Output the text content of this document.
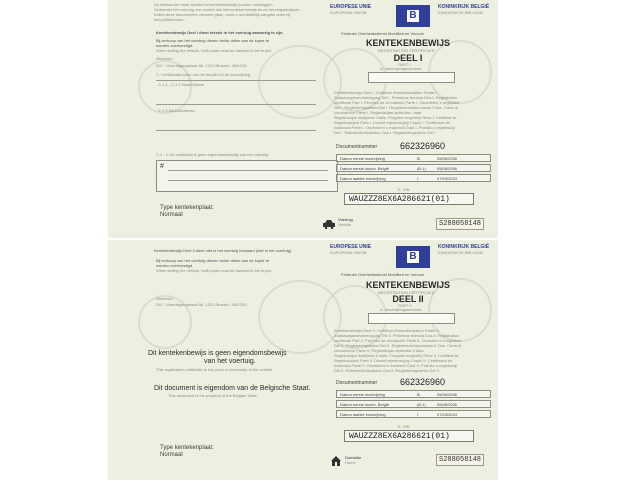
De bestuurder moet steeds het kentekenbewijs kunnen voorleggen.
Verhandel het voertuig niet zonder dat het kentekenbewijs en de keuringsbewijzen
Indien deze documenten verloren gaan, moet u onmiddellijk aangifte doen bij
het politiebureau.
EUROPESE UNIE
EUROPEAN UNION	B
KONINKRIJK BELGIË
KINGDOM OF BELGIUM
Kentekenbewijs Deel I dient steeds in het voertuig aanwezig te zijn.
Bij verkoop van het voertuig dienen beide delen aan de koper te
worden overhandigd.
When selling the vehicle, both parts must be handed to the buyer.
Afzender:
DIV - Vooruitgangstraat 56, 1210 Brussel - 883.330
C. Certificaathouder van de houder tel de inschrijving
C.1.1 - C.1.2 Naam/Name
C.1.3 Adres/Address
C.4 - C.4A certificaat is geen eigendomsbewijs van het voertuig
#
Type kentekenplaat:
Normaal
Federale Overheidsdienst Mobiliteit en Vervoer
KENTEKENBEWIJS
REGISTRATION CERTIFICATE
DEEL I
PART I
A. Inschrijvingsnummer
Kentekenbewijs Deel I. Certificat d'immatriculation Partie I.
Zulassungsbescheinigung Teil I. Primeiras licencia Dos.I. Registration
certificate Part I. Permiso de circulación Parte I. Osvedčení o registraci
Del I. Registreringsattest Del I. Registreerimistunnistus I Osa. Carta di
circolazione Parte I. Reģistrācijas apliecība I daļa.
Registracijos liudijimas I dalis. Forgalmi engedély Rész I. Certifikat ta'
Registrazzjoni Parti I. Dowód rejestracyjny Część I. Certificado de
matrícula Parte I. Osvědčení o evidencii Časť I. Potrdilo o registraciji
Del I. Rekisteröintitodistus Osa I. Registreringsbevis Del I.
Documentnummer	662326960
Datum eerste inschrijving	B.	05/06/2006
Datum eerste inschr. België	(B.1)	05/06/2006
Datum laatste inschrijving	I.	07/03/2024
E. VIN
WAUZZZ8EX6A286621(01)
Voertuig
Vehicle	S288058148
Kentekenbewijs Deel II dient niet in het voertuig bewaard (niet in het voertuig)
EUROPESE UNIE
EUROPEAN UNION	B
KONINKRIJK BELGIË
KINGDOM OF BELGIUM
Bij verkoop van het voertuig dienen beide delen aan de koper te
worden overhandigd.
When selling the vehicle, both parts must be handed to the buyer.
Afzender:
DIV - Vooruitgangstraat 56, 1210 Brussel - 883.330
Dit kentekenbewijs is geen eigendomsbewijs
van het voertuig.
This registration certificate is not proof of ownership of the vehicle
Dit document is eigendom van de Belgische Staat.
This document is the property of the Belgian State.
Type kentekenplaat:
Normaal
Federale Overheidsdienst Mobiliteit en Vervoer
KENTEKENBEWIJS
REGISTRATION CERTIFICATE
DEEL II
PART II
A. Inschrijvingsnummer
Kentekenbewijs Deel II. Certificat d'immatriculation Partie II.
Zulassungsbescheinigung Teil II. Primeiras licencia Dos.II. Registration
certificate Part II. Permiso de circulación Parte II. Osvedčení o registraci
Del II. Registreringsattest Del II. Registreerimistunnistus II Osa. Carta di
circolazione Parte II. Reģistrācijas apliecība II daļa.
Registracijos liudijimas II dalis. Forgalmi engedély Rész II. Certifikat ta'
Registrazzjoni Parti II. Dowód rejestracyjny Część II. Certificado de
matrícula Parte II. Osvědčení o evidencii Časť II. Potrdilo o registraciji
Del II. Rekisteröintitodistus Osa II. Registreringsbevis Del II.
Documentnummer	662326960
Datum eerste inschrijving	B.	05/06/2006
Datum eerste inschr. België	(B.1)	05/06/2006
Datum laatste inschrijving	I.	07/03/2024
E. VIN
WAUZZZ8EX6A286621(01)
Domicilie
Home	S288058148
